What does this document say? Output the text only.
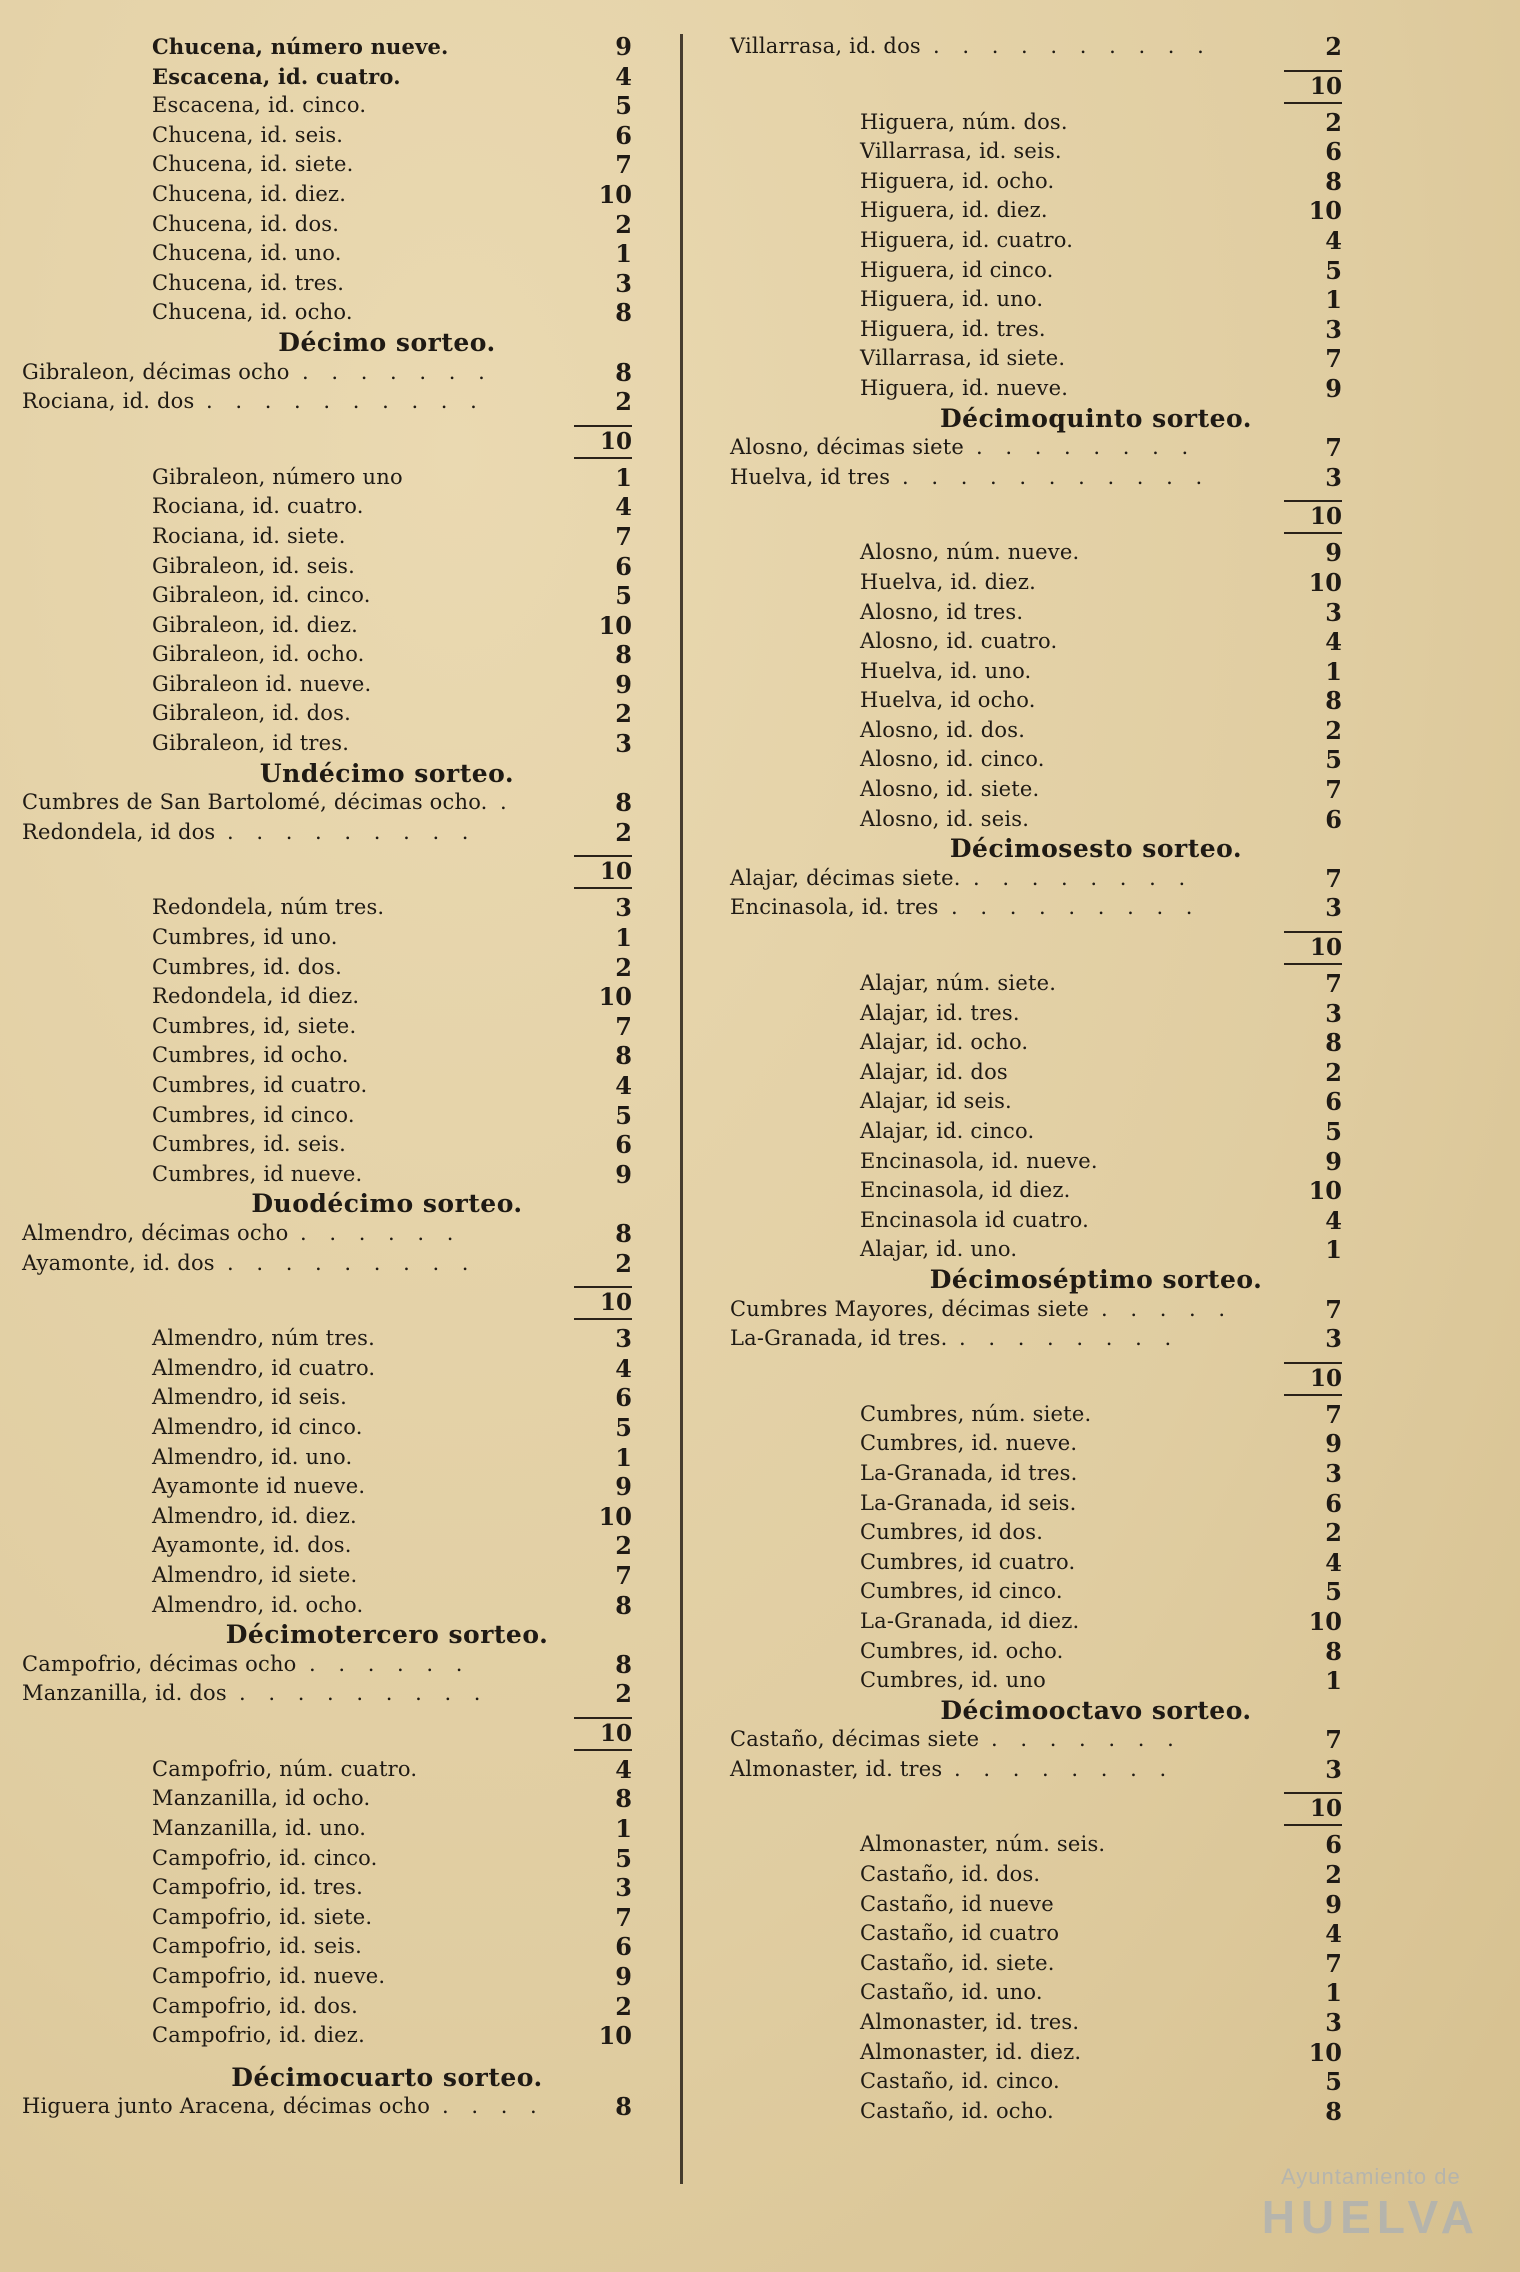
Chucena, número nueve.	9
Escacena, id. cuatro.	4
Escacena, id. cinco.	5
Chucena, id. seis.	6
Chucena, id. siete.	7
Chucena, id. diez.	10
Chucena, id. dos.	2
Chucena, id. uno.	1
Chucena, id. tres.	3
Chucena, id. ocho.	8
Décimo sorteo.
Gibraleon, décimas ocho . . . . . . .	8
Rociana, id. dos . . . . . . . . . .	2
10
Gibraleon, número uno	1
Rociana, id. cuatro.	4
Rociana, id. siete.	7
Gibraleon, id. seis.	6
Gibraleon, id. cinco.	5
Gibraleon, id. diez.	10
Gibraleon, id. ocho.	8
Gibraleon id. nueve.	9
Gibraleon, id. dos.	2
Gibraleon, id tres.	3
Undécimo sorteo.
Cumbres de San Bartolomé, décimas ocho. .	8
Redondela, id dos . . . . . . . . .	2
10
Redondela, núm tres.	3
Cumbres, id uno.	1
Cumbres, id. dos.	2
Redondela, id diez.	10
Cumbres, id, siete.	7
Cumbres, id ocho.	8
Cumbres, id cuatro.	4
Cumbres, id cinco.	5
Cumbres, id. seis.	6
Cumbres, id nueve.	9
Duodécimo sorteo.
Almendro, décimas ocho . . . . . .	8
Ayamonte, id. dos . . . . . . . . .	2
10
Almendro, núm tres.	3
Almendro, id cuatro.	4
Almendro, id seis.	6
Almendro, id cinco.	5
Almendro, id. uno.	1
Ayamonte id nueve.	9
Almendro, id. diez.	10
Ayamonte, id. dos.	2
Almendro, id siete.	7
Almendro, id. ocho.	8
Décimotercero sorteo.
Campofrio, décimas ocho . . . . . .	8
Manzanilla, id. dos . . . . . . . . .	2
10
Campofrio, núm. cuatro.	4
Manzanilla, id ocho.	8
Manzanilla, id. uno.	1
Campofrio, id. cinco.	5
Campofrio, id. tres.	3
Campofrio, id. siete.	7
Campofrio, id. seis.	6
Campofrio, id. nueve.	9
Campofrio, id. dos.	2
Campofrio, id. diez.	10
Décimocuarto sorteo.
Higuera junto Aracena, décimas ocho . . . .	8
Villarrasa, id. dos . . . . . . . . . .	2
10
Higuera, núm. dos.	2
Villarrasa, id. seis.	6
Higuera, id. ocho.	8
Higuera, id. diez.	10
Higuera, id. cuatro.	4
Higuera, id cinco.	5
Higuera, id. uno.	1
Higuera, id. tres.	3
Villarrasa, id siete.	7
Higuera, id. nueve.	9
Décimoquinto sorteo.
Alosno, décimas siete . . . . . . . .	7
Huelva, id tres . . . . . . . . . . .	3
10
Alosno, núm. nueve.	9
Huelva, id. diez.	10
Alosno, id tres.	3
Alosno, id. cuatro.	4
Huelva, id. uno.	1
Huelva, id ocho.	8
Alosno, id. dos.	2
Alosno, id. cinco.	5
Alosno, id. siete.	7
Alosno, id. seis.	6
Décimosesto sorteo.
Alajar, décimas siete. . . . . . . . .	7
Encinasola, id. tres . . . . . . . . .	3
10
Alajar, núm. siete.	7
Alajar, id. tres.	3
Alajar, id. ocho.	8
Alajar, id. dos	2
Alajar, id seis.	6
Alajar, id. cinco.	5
Encinasola, id. nueve.	9
Encinasola, id diez.	10
Encinasola id cuatro.	4
Alajar, id. uno.	1
Décimoséptimo sorteo.
Cumbres Mayores, décimas siete . . . . .	7
La-Granada, id tres. . . . . . . . .	3
10
Cumbres, núm. siete.	7
Cumbres, id. nueve.	9
La-Granada, id tres.	3
La-Granada, id seis.	6
Cumbres, id dos.	2
Cumbres, id cuatro.	4
Cumbres, id cinco.	5
La-Granada, id diez.	10
Cumbres, id. ocho.	8
Cumbres, id. uno	1
Décimooctavo sorteo.
Castaño, décimas siete . . . . . . .	7
Almonaster, id. tres . . . . . . . .	3
10
Almonaster, núm. seis.	6
Castaño, id. dos.	2
Castaño, id nueve	9
Castaño, id cuatro	4
Castaño, id. siete.	7
Castaño, id. uno.	1
Almonaster, id. tres.	3
Almonaster, id. diez.	10
Castaño, id. cinco.	5
Castaño, id. ocho.	8
Ayuntamiento de
HUELVA
